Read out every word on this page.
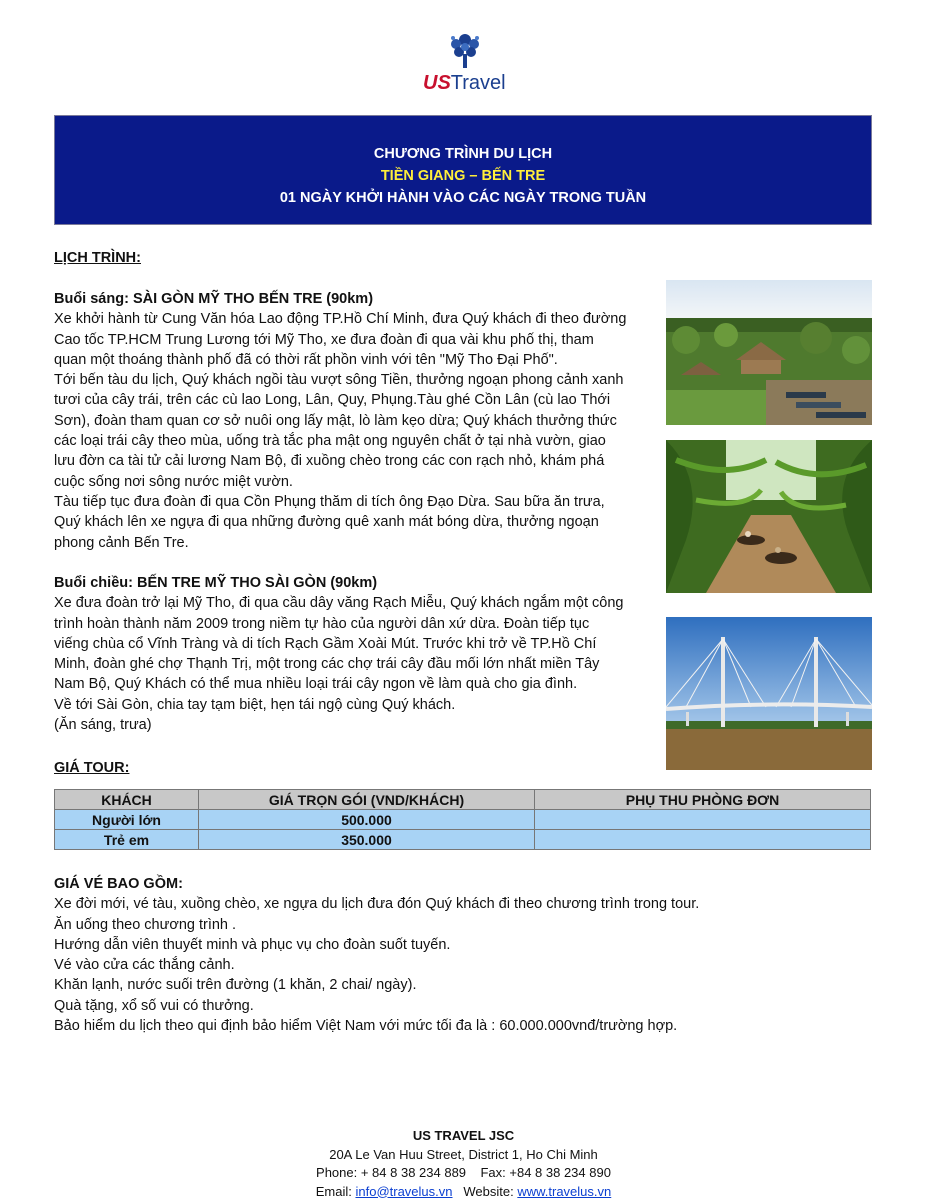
USTravel
CHƯƠNG TRÌNH DU LỊCH
TIỀN GIANG – BẾN TRE
01 NGÀY KHỞI HÀNH VÀO CÁC NGÀY TRONG TUẦN
LỊCH TRÌNH:

Buổi sáng: SÀI GÒN MỸ THO BẾN TRE (90km)

Xe khởi hành từ Cung Văn hóa Lao động TP.Hồ Chí Minh, đưa Quý khách đi theo đường

Cao tốc TP.HCM Trung Lương tới Mỹ Tho, xe đưa đoàn đi qua vài khu phố thị, tham

quan một thoáng thành phố đã có thời rất phồn vinh với tên "Mỹ Tho Đại Phố".

Tới bến tàu du lịch, Quý khách ngồi tàu vượt sông Tiền, thưởng ngoạn phong cảnh xanh

tươi của cây trái, trên các cù lao Long, Lân, Quy, Phụng.Tàu ghé Cồn Lân (cù lao Thới

Sơn), đoàn tham quan cơ sở nuôi ong lấy mật, lò làm kẹo dừa; Quý khách thưởng thức

các loại trái cây theo mùa, uống trà tắc pha mật ong nguyên chất ở tại nhà vườn, giao

lưu đờn ca tài tử cải lương Nam Bộ, đi xuồng chèo trong các con rạch nhỏ, khám phá

cuộc sống nơi sông nước miệt vườn.

Tàu tiếp tục đưa đoàn đi qua Cồn Phụng thăm di tích ông Đạo Dừa. Sau bữa ăn trưa,

Quý khách lên xe ngựa đi qua những đường quê xanh mát bóng dừa, thưởng ngoạn

phong cảnh Bến Tre.

Buổi chiều: BẾN TRE MỸ THO SÀI GÒN (90km)

Xe đưa đoàn trở lại Mỹ Tho, đi qua cầu dây văng Rạch Miễu, Quý khách ngắm một công

trình hoàn thành năm 2009 trong niềm tự hào của người dân xứ dừa. Đoàn tiếp tục

viếng chùa cổ Vĩnh Tràng và di tích Rạch Gầm Xoài Mút. Trước khi trở về TP.Hồ Chí

Minh, đoàn ghé chợ Thạnh Trị, một trong các chợ trái cây đầu mối lớn nhất miền Tây

Nam Bộ, Quý Khách có thể mua nhiều loại trái cây ngon về làm quà cho gia đình.

Về tới Sài Gòn, chia tay tạm biệt, hẹn tái ngộ cùng Quý khách.

(Ăn sáng, trưa)

GIÁ TOUR:
KHÁCH	GIÁ TRỌN GÓI (VND/KHÁCH)	PHỤ THU PHÒNG ĐƠN
Người lớn	500.000	
Trẻ em	350.000	

GIÁ VÉ BAO GỒM:

Xe đời mới, vé tàu, xuồng chèo, xe ngựa du lịch đưa đón Quý khách đi theo chương trình trong tour.

Ăn uống theo chương trình .

Hướng dẫn viên thuyết minh và phục vụ cho đoàn suốt tuyến.

Vé vào cửa các thắng cảnh.

Khăn lạnh, nước suối trên đường (1 khăn, 2 chai/ ngày).

Quà tặng, xổ số vui có thưởng.

Bảo hiểm du lịch theo qui định bảo hiểm Việt Nam với mức tối đa là : 60.000.000vnđ/trường hợp.

US TRAVEL JSC
20A Le Van Huu Street, District 1, Ho Chi Minh
Phone: + 84 8 38 234 889 Fax: +84 8 38 234 890
Email: info@travelus.vn Website: www.travelus.vn
